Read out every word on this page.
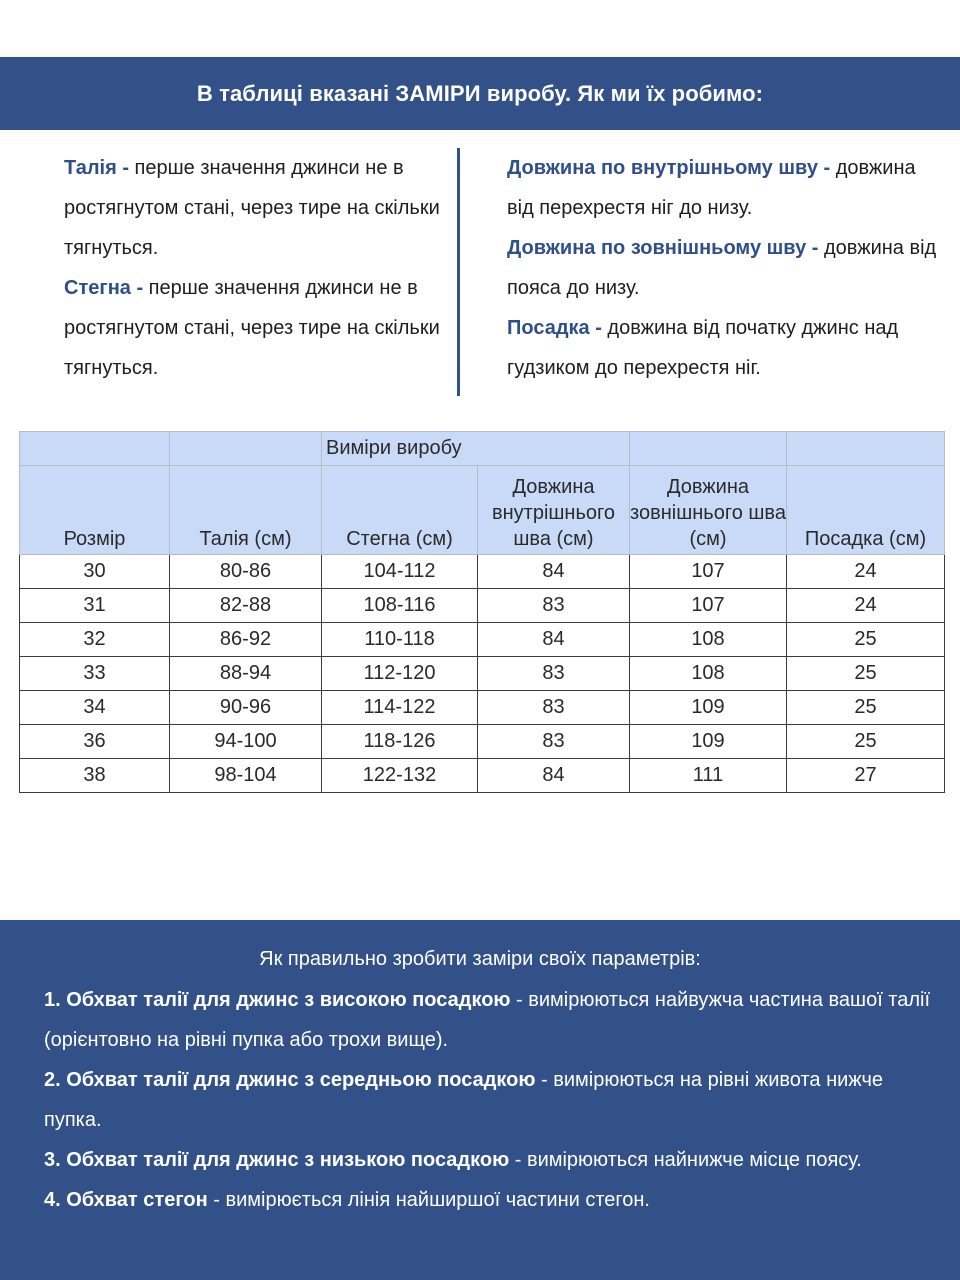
В таблиці вказані ЗАМІРИ виробу. Як ми їх робимо:

Талія - перше значення джинси не в ростягнутом стані, через тире на скільки тягнуться.

Стегна - перше значення джинси не в ростягнутом стані, через тире на скільки тягнуться.

Довжина по внутрішньому шву - довжина від перехрестя ніг до низу.

Довжина по зовнішньому шву - довжина від пояса до низу.

Посадка - довжина від початку джинс над гудзиком до перехрестя ніг.

		Виміри виробу			
Розмір	Талія (см)	Стегна (см)	Довжина внутрішнього шва (см)	Довжина зовнішнього шва (см)	Посадка (см)
30	80-86	104-112	84	107	24
31	82-88	108-116	83	107	24
32	86-92	110-118	84	108	25
33	88-94	112-120	83	108	25
34	90-96	114-122	83	109	25
36	94-100	118-126	83	109	25
38	98-104	122-132	84	111	27
Як правильно зробити заміри своїх параметрів:

1. Обхват талії для джинс з високою посадкою - вимірюються найвужча частина вашої талії (орієнтовно на рівні пупка або трохи вище).

2. Обхват талії для джинс з середньою посадкою - вимірюються на рівні живота нижче пупка.

3. Обхват талії для джинс з низькою посадкою - вимірюються найнижче місце поясу.

4. Обхват стегон - вимірюється лінія найширшої частини стегон.
